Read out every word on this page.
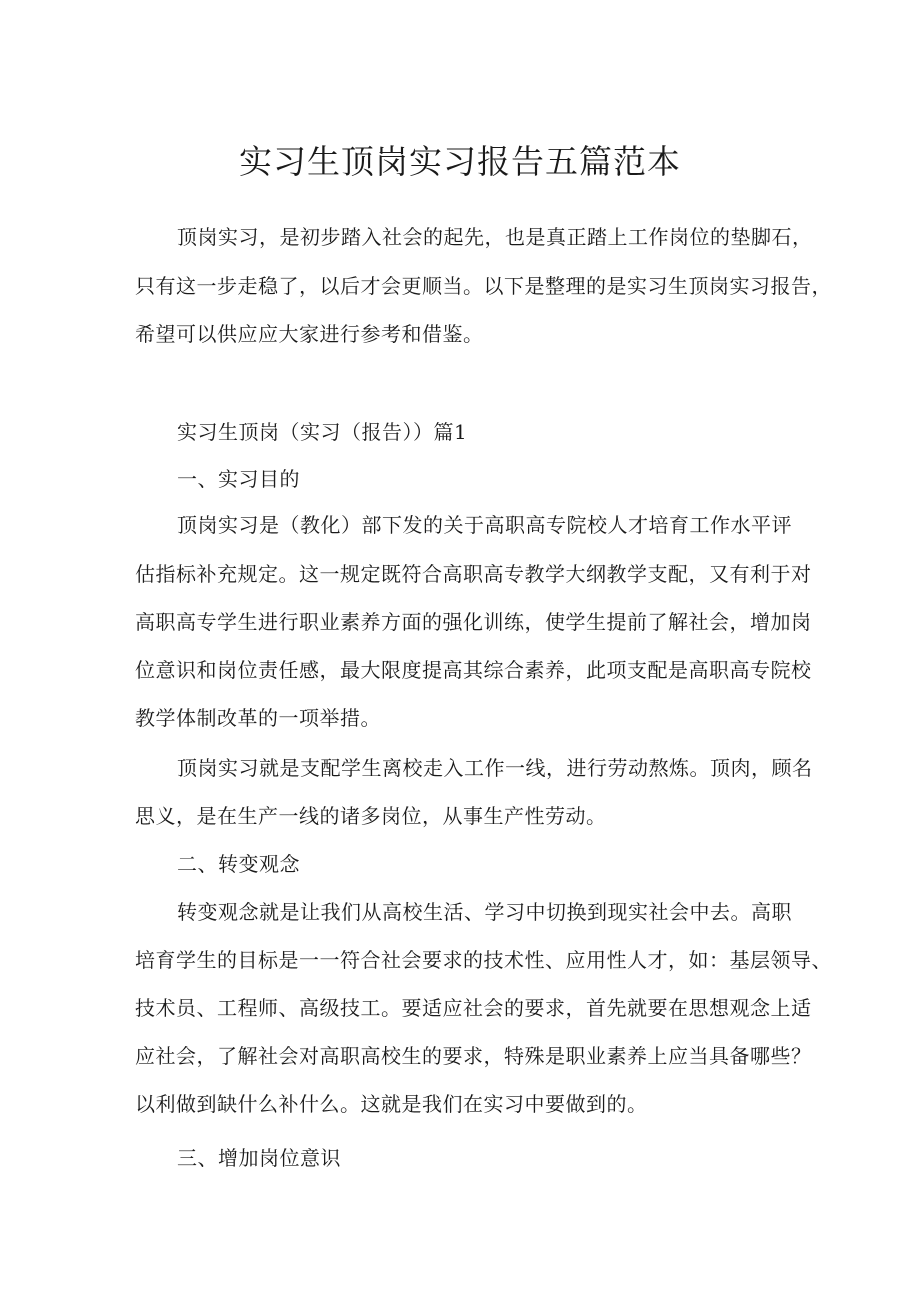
实习生顶岗实习报告五篇范本
顶岗实习，是初步踏入社会的起先，也是真正踏上工作岗位的垫脚石，
只有这一步走稳了，以后才会更顺当。以下是整理的是实习生顶岗实习报告，
希望可以供应应大家进行参考和借鉴。
实习生顶岗（实习（报告））篇1
一、实习目的
顶岗实习是（教化）部下发的关于高职高专院校人才培育工作水平评
估指标补充规定。这一规定既符合高职高专教学大纲教学支配，又有利于对
高职高专学生进行职业素养方面的强化训练，使学生提前了解社会，增加岗
位意识和岗位责任感，最大限度提高其综合素养，此项支配是高职高专院校
教学体制改革的一项举措。
顶岗实习就是支配学生离校走入工作一线，进行劳动熬炼。顶肉，顾名
思义，是在生产一线的诸多岗位，从事生产性劳动。
二、转变观念
转变观念就是让我们从高校生活、学习中切换到现实社会中去。高职
培育学生的目标是一一符合社会要求的技术性、应用性人才，如：基层领导、
技术员、工程师、高级技工。要适应社会的要求，首先就要在思想观念上适
应社会，了解社会对高职高校生的要求，特殊是职业素养上应当具备哪些？
以利做到缺什么补什么。这就是我们在实习中要做到的。
三、增加岗位意识
